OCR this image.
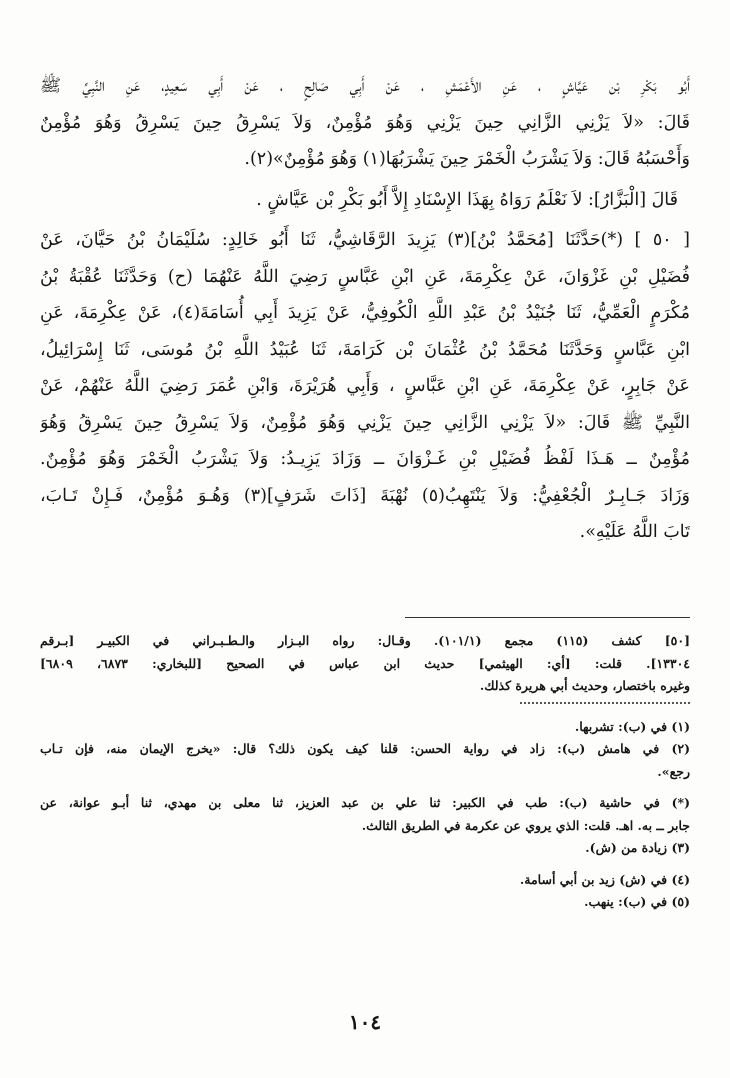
أَبُو بَكْرِ بْن عَيَّاشٍ ، عَنِ الأَعْمَشِ ، عَنْ أَبِي صَالِحٍ ، عَنْ أَبِي سَعِيدٍ، عَنِ النَّبِيِّ ﷺ
قَالَ: «لاَ يَزْنِي الزَّانِي حِينَ يَزْنِي وَهُوَ مُؤْمِنٌ، وَلاَ يَسْرِقُ حِينَ يَسْرِقُ وَهُوَ مُؤْمِنٌ
وَأَحْسَبُهُ قَالَ: وَلاَ يَشْرَبُ الْخَمْرَ حِينَ يَشْرَبُهَا(١) وَهُوَ مُؤْمِنٌ»(٢).
قَالَ [الْبَزَّارُ]: لاَ نَعْلَمُ رَوَاهُ بِهَذَا الإِسْنَادِ إِلاَّ أَبُو بَكْرِ بْن عَيَّاشٍ .
[ ٥٠ ] (*)حَدَّثَنَا [مُحَمَّدُ بْنُ](٣) يَزِيدَ الرَّقَاشِيُّ، ثَنَا أَبُو خَالِدٍ: سُلَيْمَانُ بْنُ حَيَّانَ، عَنْ
فُضَيْلِ بْنِ غَزْوَانَ، عَنْ عِكْرِمَةَ، عَنِ ابْنِ عَبَّاسٍ رَضِيَ اللَّهُ عَنْهُمَا (ح) وَحَدَّثَنَا عُقْبَةُ بْنُ
مُكْرَمٍ الْعَمِّيُّ، ثَنَا جُنَيْدُ بْنُ عَبْدِ اللَّهِ الْكُوفِيُّ، عَنْ يَزِيدَ أَبِي أُسَامَةَ(٤)، عَنْ عِكْرِمَةَ، عَنِ
ابْنِ عَبَّاسٍ وَحَدَّثَنَا مُحَمَّدُ بْنُ عُثْمَانَ بْن كَرَامَةَ، ثَنَا عُبَيْدُ اللَّهِ بْنُ مُوسَى، ثَنَا إِسْرَائِيلُ،
عَنْ جَابِرٍ، عَنْ عِكْرِمَةَ، عَنِ ابْنِ عَبَّاسٍ ، وَأَبِي هُرَيْرَةَ، وَابْنِ عُمَرَ رَضِيَ اللَّهُ عَنْهُمْ، عَنْ
النَّبِيِّ ﷺ قَالَ: «لاَ يَزْنِي الزَّانِي حِينَ يَزْنِي وَهُوَ مُؤْمِنٌ، وَلاَ يَسْرِقُ حِينَ يَسْرِقُ وَهُوَ
مُؤْمِنٌ ــ هَـذَا لَفْظُ فُضَيْلِ بْنِ غَـزْوَانَ ــ وَزَادَ يَزِيـدُ: وَلاَ يَشْرَبُ الْخَمْرَ وَهُوَ مُؤْمِنٌ.
وَزَادَ جَـابِـرٌ الْجُعْفِيُّ: وَلاَ يَنْتَهِبُ(٥) نُهْبَةَ [ذَاتَ شَرَفٍ](٣) وَهُـوَ مُؤْمِنٌ، فَـإِنْ تَـابَ،
تَابَ اللَّهُ عَلَيْهِ».
[٥٠] كشف (١١٥) مجمع (١٠١/١). وقـال: رواه البـزار والـطـبـراني في الكبيـر [بـرقم
١٣٣٠٤]. قلت: [أي: الهيثمي] حديث ابن عباس في الصحيح [للبخاري: ٦٨٧٣، ٦٨٠٩]
وغيره باختصار، وحديث أبي هريرة كذلك.
(١) في (ب): تشربها.
(٢) في هامش (ب): زاد في رواية الحسن: قلنا كيف يكون ذلك؟ قال: «يخرج الإيمان منه، فإن تـاب
رجع».
(*) في حاشية (ب): طب في الكبير: ثنا علي بن عبد العزيز، ثنا معلى بن مهدي، ثنا أبـو عوانة، عن
جابر ــ به. اهـ. قلت: الذي يروي عن عكرمة في الطريق الثالث.
(٣) زيادة من (ش).
(٤) في (ش) زيد بن أبي أسامة.
(٥) في (ب): ينهب.
١٠٤
